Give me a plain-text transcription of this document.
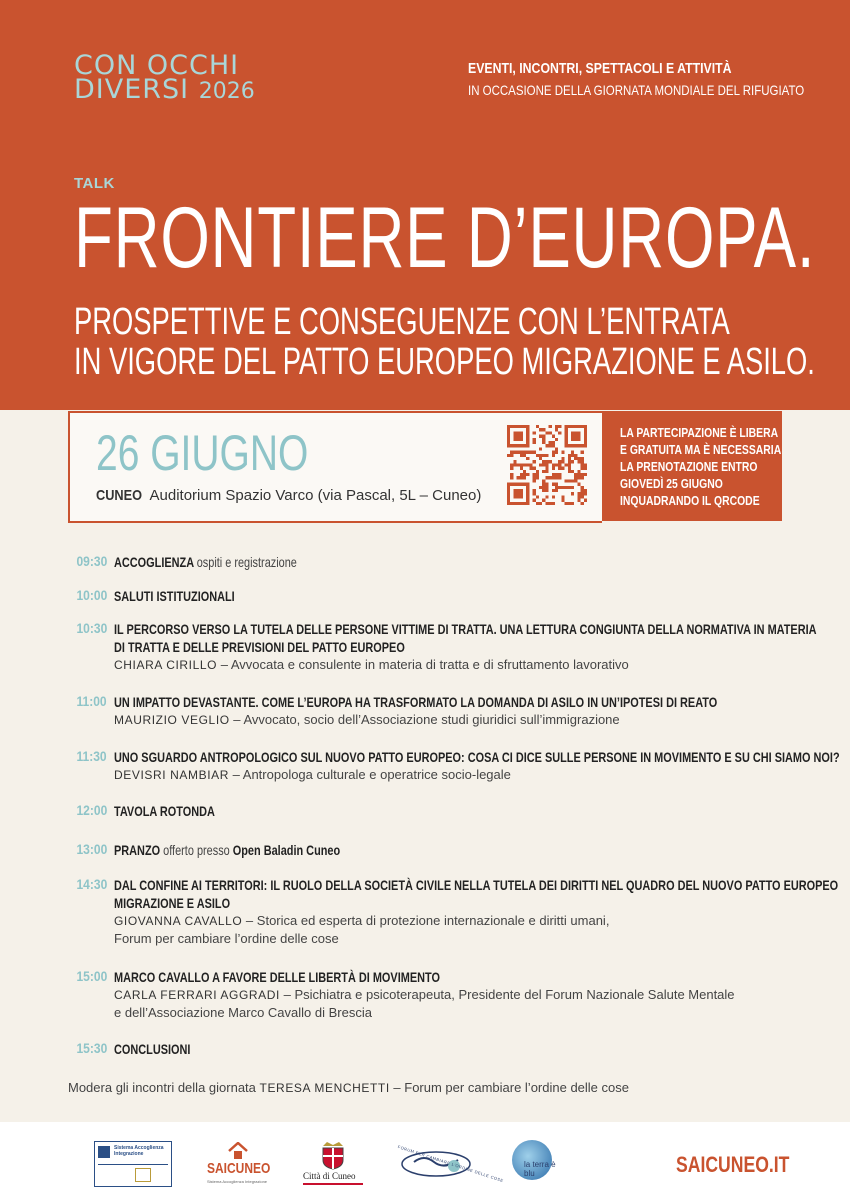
CON OCCHI
DIVERSI 2026
EVENTI, INCONTRI, SPETTACOLI E ATTIVITÀ
IN OCCASIONE DELLA GIORNATA MONDIALE DEL RIFUGIATO
TALK
FRONTIERE D’EUROPA.
PROSPETTIVE E CONSEGUENZE CON L’ENTRATA
IN VIGORE DEL PATTO EUROPEO MIGRAZIONE E ASILO.
26 GIUGNO
CUNEO Auditorium Spazio Varco (via Pascal, 5L – Cuneo)
LA PARTECIPAZIONE È LIBERA
E GRATUITA MA È NECESSARIA
LA PRENOTAZIONE ENTRO
GIOVEDÌ 25 GIUGNO
INQUADRANDO IL QRCODE
09:30 ACCOGLIENZA ospiti e registrazione
10:00 SALUTI ISTITUZIONALI
10:30 IL PERCORSO VERSO LA TUTELA DELLE PERSONE VITTIME DI TRATTA. UNA LETTURA CONGIUNTA DELLA NORMATIVA IN MATERIA
DI TRATTA E DELLE PREVISIONI DEL PATTO EUROPEO
CHIARA CIRILLO – Avvocata e consulente in materia di tratta e di sfruttamento lavorativo
11:00 UN IMPATTO DEVASTANTE. COME L’EUROPA HA TRASFORMATO LA DOMANDA DI ASILO IN UN’IPOTESI DI REATO
MAURIZIO VEGLIO – Avvocato, socio dell’Associazione studi giuridici sull’immigrazione
11:30 UNO SGUARDO ANTROPOLOGICO SUL NUOVO PATTO EUROPEO: COSA CI DICE SULLE PERSONE IN MOVIMENTO E SU CHI SIAMO NOI?
DEVISRI NAMBIAR – Antropologa culturale e operatrice socio-legale
12:00 TAVOLA ROTONDA
13:00 PRANZO offerto presso Open Baladin Cuneo
14:30 DAL CONFINE AI TERRITORI: IL RUOLO DELLA SOCIETÀ CIVILE NELLA TUTELA DEI DIRITTI NEL QUADRO DEL NUOVO PATTO EUROPEO
MIGRAZIONE E ASILO
GIOVANNA CAVALLO – Storica ed esperta di protezione internazionale e diritti umani,
Forum per cambiare l’ordine delle cose
15:00 MARCO CAVALLO A FAVORE DELLE LIBERTÀ DI MOVIMENTO
CARLA FERRARI AGGRADI – Psichiatra e psicoterapeuta, Presidente del Forum Nazionale Salute Mentale
e dell’Associazione Marco Cavallo di Brescia
15:30 CONCLUSIONI
Modera gli incontri della giornata TERESA MENCHETTI – Forum per cambiare l’ordine delle cose
Sistema Accoglienza Integrazione
SAICUNEO
Sistema Accoglienza Integrazione
Città di Cuneo	FORUM PER CAMBIARE L'ORDINE DELLE COSE la terra è blu	SAICUNEO.IT
